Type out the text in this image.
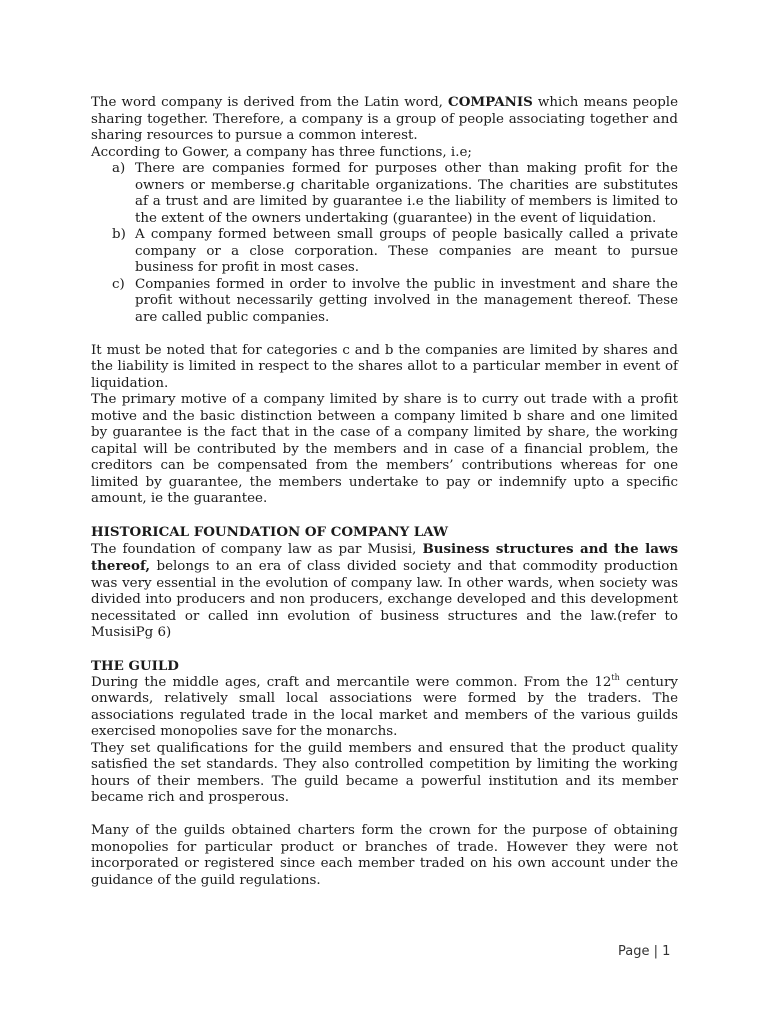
The word company is derived from the Latin word, COMPANIS which means people sharing together. Therefore, a company is a group of people associating together and sharing resources to pursue a common interest.

According to Gower, a company has three functions, i.e;

a) There are companies formed for purposes other than making profit for the owners or memberse.g charitable organizations. The charities are substitutes af a trust and are limited by guarantee i.e the liability of members is limited to the extent of the owners undertaking (guarantee) in the event of liquidation.
b) A company formed between small groups of people basically called a private company or a close corporation. These companies are meant to pursue business for profit in most cases.
c) Companies formed in order to involve the public in investment and share the profit without necessarily getting involved in the management thereof. These are called public companies.

It must be noted that for categories c and b the companies are limited by shares and the liability is limited in respect to the shares allot to a particular member in event of liquidation.

The primary motive of a company limited by share is to curry out trade with a profit motive and the basic distinction between a company limited b share and one limited by guarantee is the fact that in the case of a company limited by share, the working capital will be contributed by the members and in case of a financial problem, the creditors can be compensated from the members’ contributions whereas for one limited by guarantee, the members undertake to pay or indemnify upto a specific amount, ie the guarantee.

HISTORICAL FOUNDATION OF COMPANY LAW

The foundation of company law as par Musisi, Business structures and the laws thereof, belongs to an era of class divided society and that commodity production was very essential in the evolution of company law. In other wards, when society was divided into producers and non producers, exchange developed and this development necessitated or called inn evolution of business structures and the law.(refer to MusisiPg 6)

THE GUILD

During the middle ages, craft and mercantile were common. From the 12th century onwards, relatively small local associations were formed by the traders. The associations regulated trade in the local market and members of the various guilds exercised monopolies save for the monarchs.

They set qualifications for the guild members and ensured that the product quality satisfied the set standards. They also controlled competition by limiting the working hours of their members. The guild became a powerful institution and its member became rich and prosperous.

Many of the guilds obtained charters form the crown for the purpose of obtaining monopolies for particular product or branches of trade. However they were not incorporated or registered since each member traded on his own account under the guidance of the guild regulations.

Page | 1
